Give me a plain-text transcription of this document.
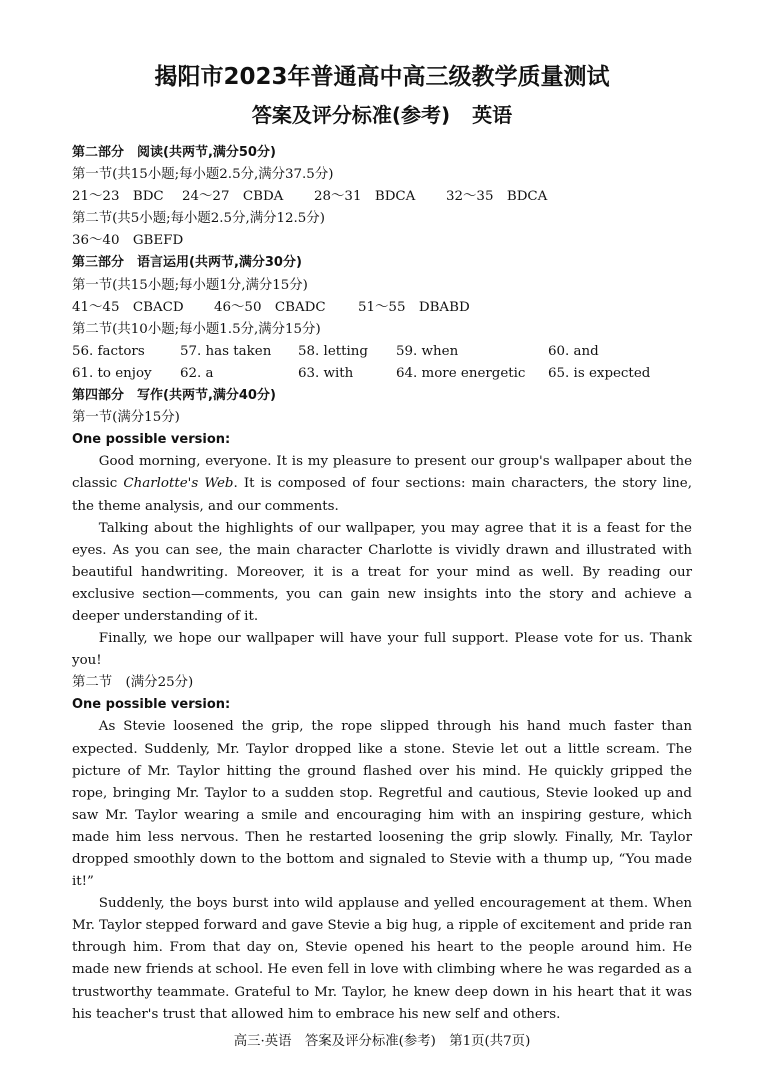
揭阳市2023年普通高中高三级教学质量测试
答案及评分标准(参考) 英语
第二部分　阅读(共两节,满分50分)
第一节(共15小题;每小题2.5分,满分37.5分)
21～23　BDC	24～27　CBDA	28～31　BDCA	32～35　BDCA
第二节(共5小题;每小题2.5分,满分12.5分)
36～40　GBEFD
第三部分　语言运用(共两节,满分30分)
第一节(共15小题;每小题1分,满分15分)
41～45　CBACD	46～50　CBADC	51～55　DBABD
第二节(共10小题;每小题1.5分,满分15分)
56. factors	57. has taken	58. letting	59. when	60. and
61. to enjoy	62. a	63. with	64. more energetic	65. is expected
第四部分　写作(共两节,满分40分)
第一节(满分15分)
One possible version:

Good morning, everyone. It is my pleasure to present our group's wallpaper about the classic Charlotte's Web. It is composed of four sections: main characters, the story line, the theme analysis, and our comments.

Talking about the highlights of our wallpaper, you may agree that it is a feast for the eyes. As you can see, the main character Charlotte is vividly drawn and illustrated with beautiful handwriting. Moreover, it is a treat for your mind as well. By reading our exclusive section—comments, you can gain new insights into the story and achieve a deeper understanding of it.

Finally, we hope our wallpaper will have your full support. Please vote for us. Thank you!

第二节　(满分25分)
One possible version:

As Stevie loosened the grip, the rope slipped through his hand much faster than expected. Suddenly, Mr. Taylor dropped like a stone. Stevie let out a little scream. The picture of Mr. Taylor hitting the ground flashed over his mind. He quickly gripped the rope, bringing Mr. Taylor to a sudden stop. Regretful and cautious, Stevie looked up and saw Mr. Taylor wearing a smile and encouraging him with an inspiring gesture, which made him less nervous. Then he restarted loosening the grip slowly. Finally, Mr. Taylor dropped smoothly down to the bottom and signaled to Stevie with a thump up, “You made it!”

Suddenly, the boys burst into wild applause and yelled encouragement at them. When Mr. Taylor stepped forward and gave Stevie a big hug, a ripple of excitement and pride ran through him. From that day on, Stevie opened his heart to the people around him. He made new friends at school. He even fell in love with climbing where he was regarded as a trustworthy teammate. Grateful to Mr. Taylor, he knew deep down in his heart that it was his teacher's trust that allowed him to embrace his new self and others.

高三·英语　答案及评分标准(参考)　第1页(共7页)
